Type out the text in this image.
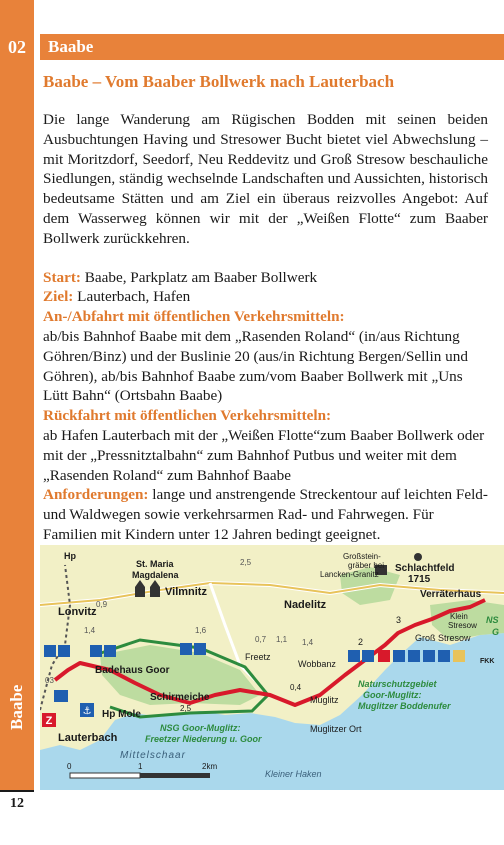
02	Baabe
Baabe
12
Baabe – Vom Baaber Bollwerk nach Lauterbach

Die lange Wanderung am Rügischen Bodden mit seinen beiden Ausbuchtungen Having und Stresower Bucht bietet viel Abwechslung – mit Moritzdorf, Seedorf, Neu Reddevitz und Groß Stresow beschauliche Siedlungen, ständig wechselnde Landschaften und Aussichten, historisch bedeutsame Stätten und am Ziel ein überaus reizvolles Angebot: Auf dem Wasserweg können wir mit der „Weißen Flotte“ zum Baaber Bollwerk zurückkehren.

Start: Baabe, Parkplatz am Baaber Bollwerk

Ziel: Lauterbach, Hafen

An-/Abfahrt mit öffentlichen Verkehrsmitteln:

ab/bis Bahnhof Baabe mit dem „Rasenden Roland“ (in/aus Richtung Göhren/Binz) und der Buslinie 20 (aus/in Richtung Bergen/Sellin und Göhren), ab/bis Bahnhof Baabe zum/vom Baaber Bollwerk mit „Uns Lütt Bahn“ (Ortsbahn Baabe)

Rückfahrt mit öffentlichen Verkehrsmitteln:

ab Hafen Lauterbach mit der „Weißen Flotte“zum Baaber Bollwerk oder mit der „Pressnitztalbahn“ zum Bahnhof Putbus und weiter mit dem „Rasenden Roland“ zum Bahnhof Baabe

Anforderungen: lange und anstrengende Streckentour auf leichten Feld- und Waldwegen sowie verkehrsarmen Rad- und Fahrwegen. Für Familien mit Kindern unter 12 Jahren bedingt geeignet.

Z
⚓
Hp
St. Maria
Magdalena
Vilmnitz
Lonvitz
Nadelitz
Großstein-
gräber bei
Lancken-Granitz
Schlachtfeld
1715
Verräterhaus
Klein
Stresow
Groß Stresow
Badehaus Goor
Schirmeiche
Freetz
Wobbanz
Muglitz
Muglitzer Ort
Hp Mole
Lauterbach
NSG Goor-Muglitz:
Freetzer Niederung u. Goor
Naturschutzgebiet
Goor-Muglitz:
Muglitzer Boddenufer
Mittelschaar
Kleiner Haken
NS
G
FKK
0	1	2km
0,9
1,4	1,6
0,7 1,1
2,5
1,4
03
2
3
2,5
0,4
